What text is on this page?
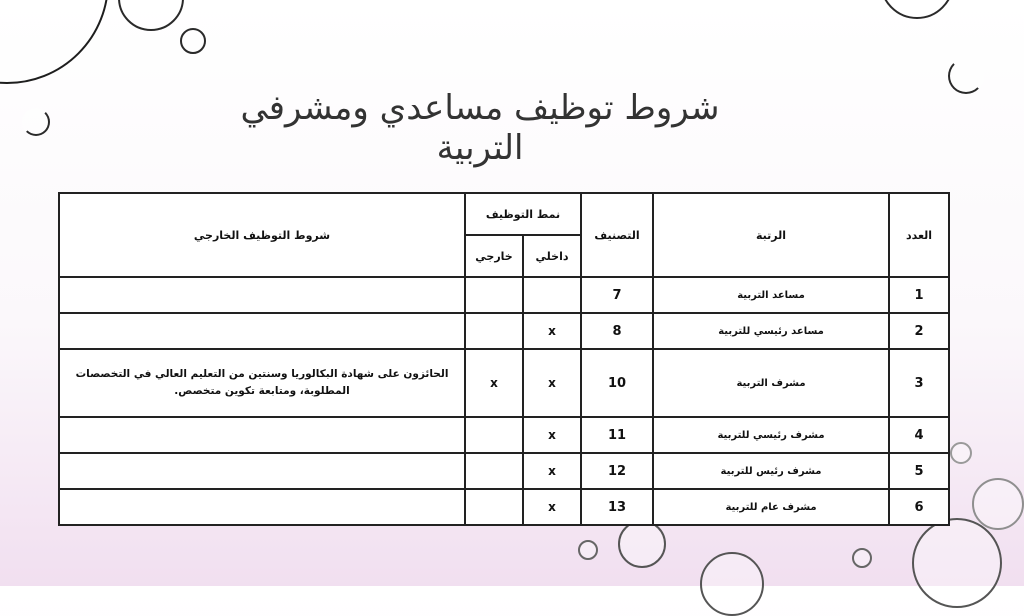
شروط توظيف مساعدي ومشرفي التربية
العدد	الرتبة	التصنيف	نمط التوظيف		شروط التوظيف الخارجي
			داخلي	خارجي	
1	مساعد التربية	7			
2	مساعد رئيسي للتربية	8	x		
3	مشرف التربية	10	x	x	الحائزون على شهادة البكالوريا وسنتين من التعليم العالي في التخصصات المطلوبة، ومتابعة تكوين متخصص.
4	مشرف رئيسي للتربية	11	x		
5	مشرف رئيس للتربية	12	x		
6	مشرف عام للتربية	13	x		
